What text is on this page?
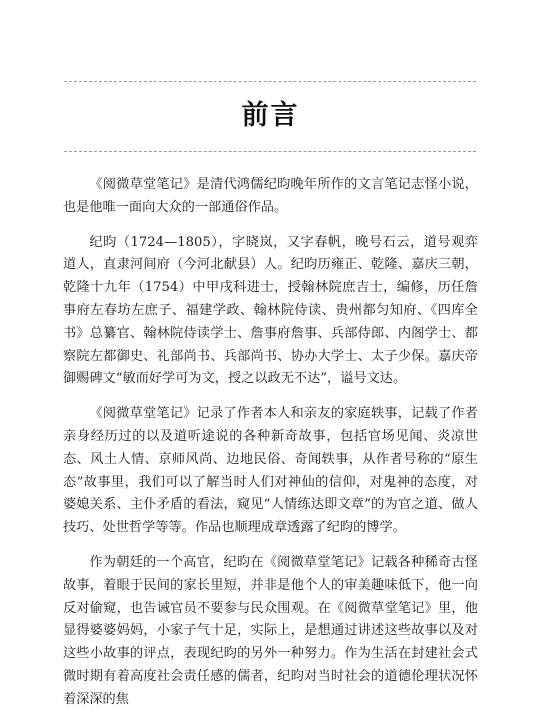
前言

《阅微草堂笔记》是清代鸿儒纪昀晚年所作的文言笔记志怪小说，也是他唯一面向大众的一部通俗作品。

纪昀（1724—1805），字晓岚，又字春帆，晚号石云，道号观弈道人，直隶河间府（今河北献县）人。纪昀历雍正、乾隆、嘉庆三朝，乾隆十九年（1754）中甲戌科进士，授翰林院庶吉士，编修，历任詹事府左春坊左庶子、福建学政、翰林院侍读、贵州都匀知府、《四库全书》总纂官、翰林院侍读学士、詹事府詹事、兵部侍郎、内阁学士、都察院左都御史、礼部尚书、兵部尚书、协办大学士、太子少保。嘉庆帝御赐碑文“敏而好学可为文，授之以政无不达”，谥号文达。

《阅微草堂笔记》记录了作者本人和亲友的家庭轶事，记载了作者亲身经历过的以及道听途说的各种新奇故事，包括官场见闻、炎凉世态、风土人情、京师风尚、边地民俗、奇闻轶事，从作者号称的“原生态”故事里，我们可以了解当时人们对神仙的信仰，对鬼神的态度，对婆媳关系、主仆矛盾的看法，窥见“人情练达即文章”的为官之道、做人技巧、处世哲学等等。作品也顺理成章透露了纪昀的博学。

作为朝廷的一个高官，纪昀在《阅微草堂笔记》记载各种稀奇古怪故事，着眼于民间的家长里短，并非是他个人的审美趣味低下，他一向反对偷窥，也告诫官员不要参与民众围观。在《阅微草堂笔记》里，他显得婆婆妈妈，小家子气十足，实际上，是想通过讲述这些故事以及对这些小故事的评点，表现纪昀的另外一种努力。作为生活在封建社会式微时期有着高度社会责任感的儒者，纪昀对当时社会的道德伦理状况怀着深深的焦
